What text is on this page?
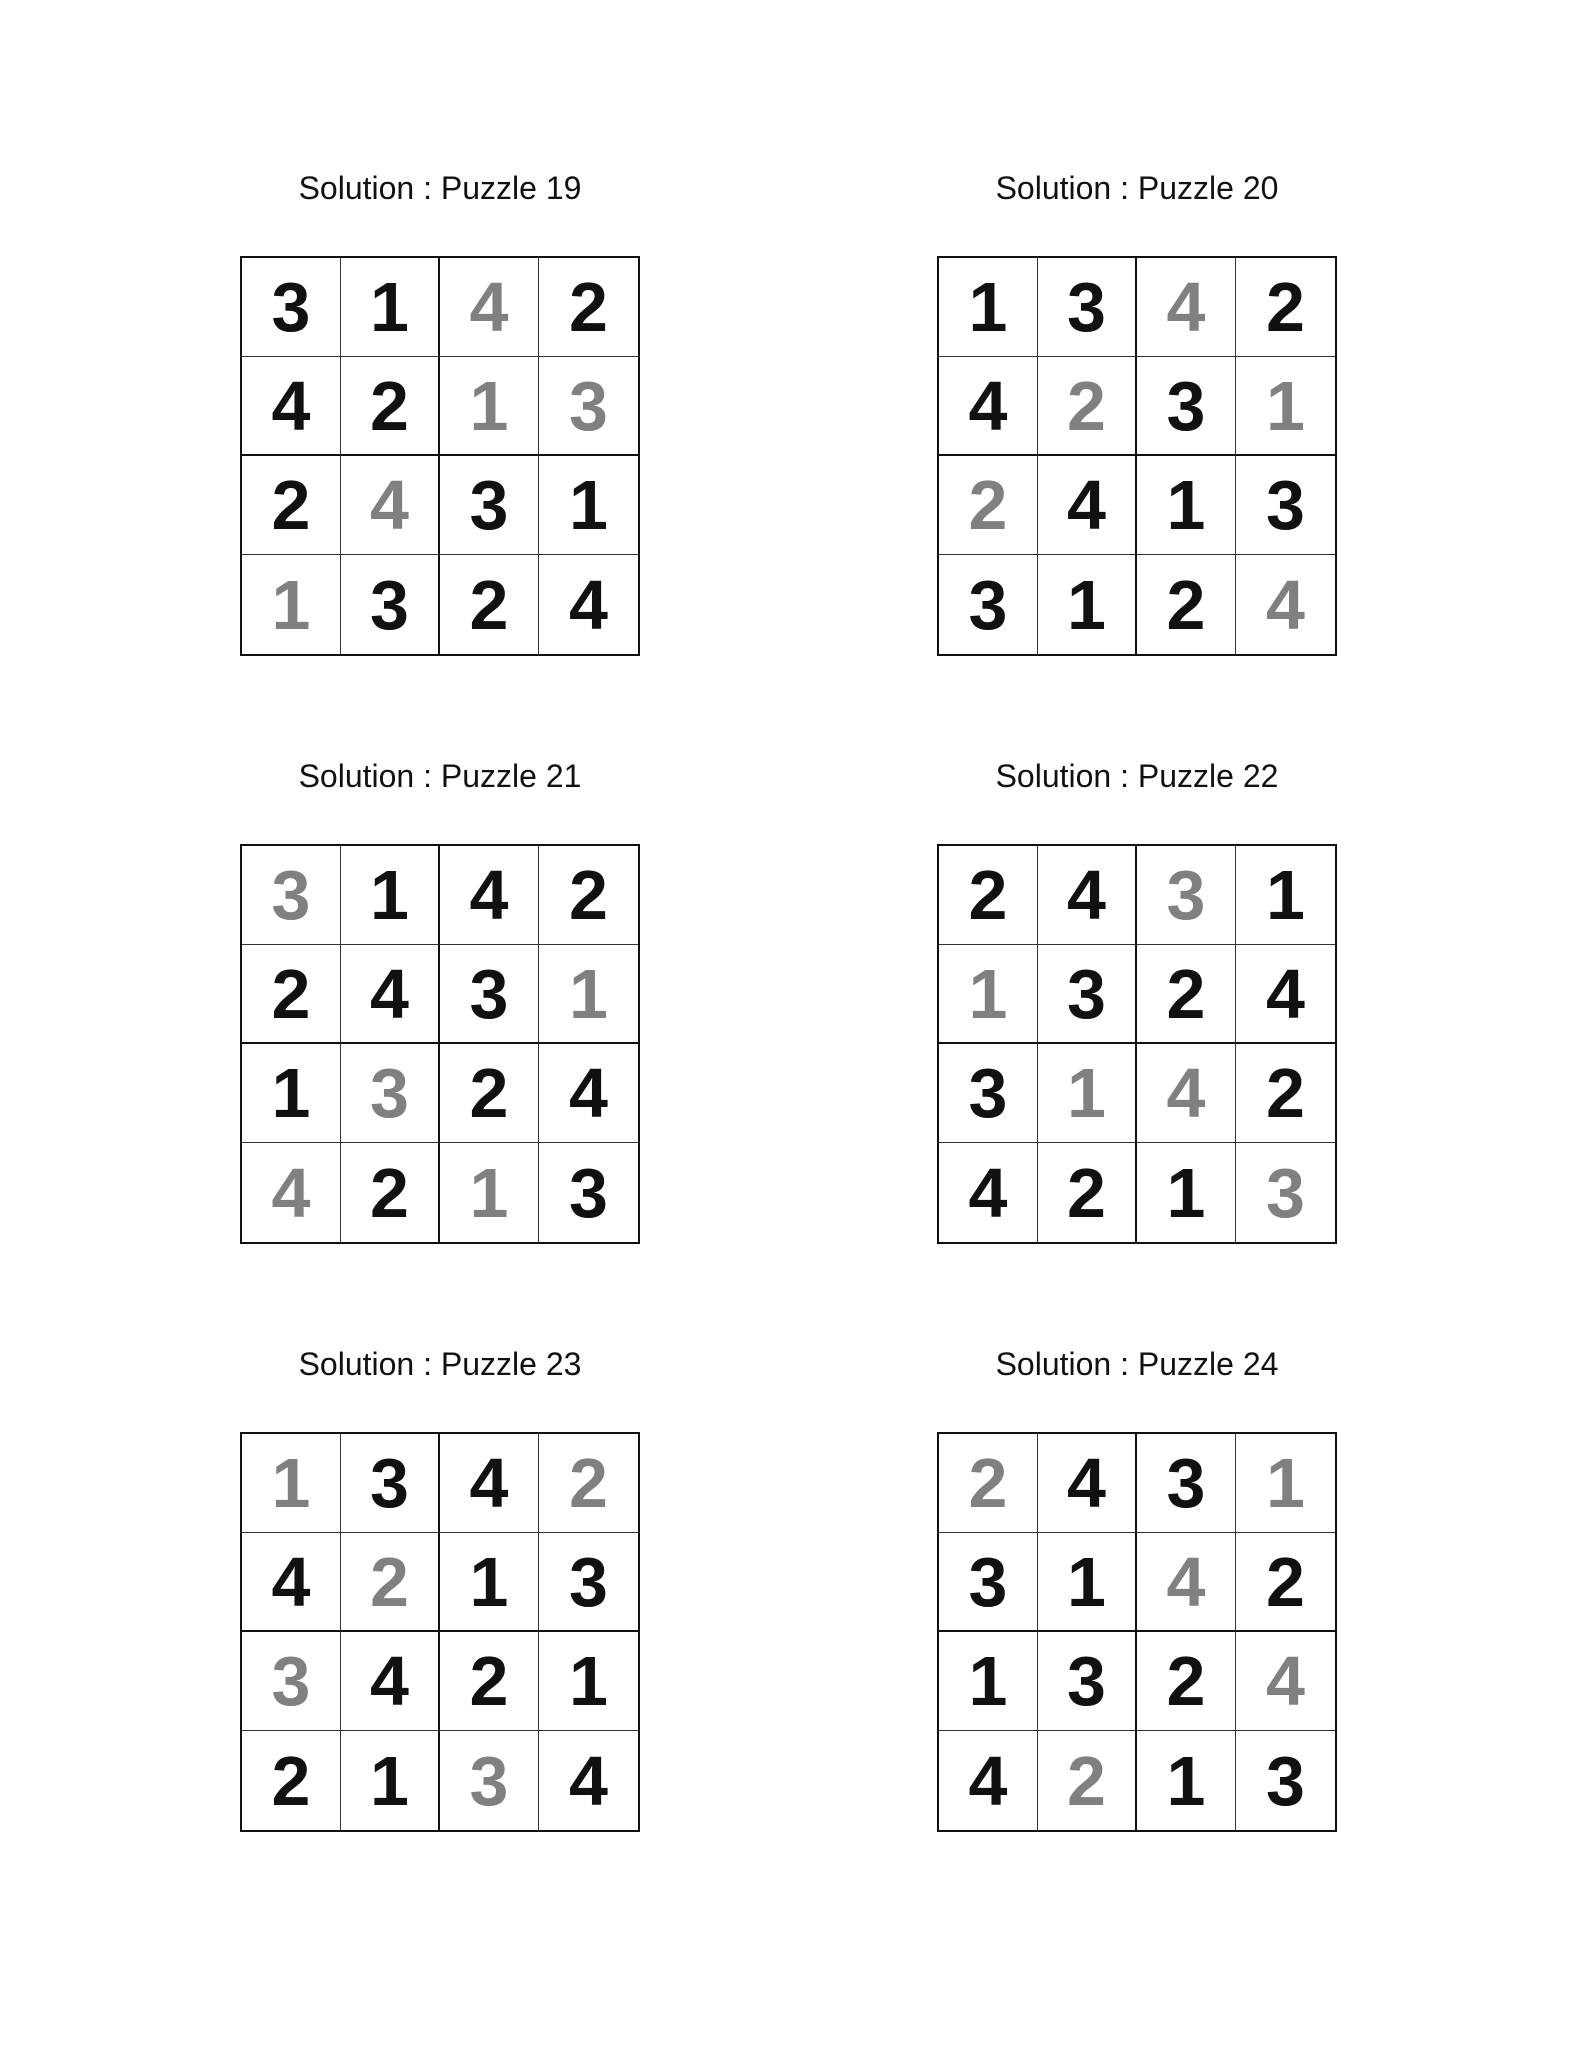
Solution : Puzzle 19
3 1 4 2
4 2 1 3
2 4 3 1
1 3 2 4
Solution : Puzzle 20
1 3 4 2
4 2 3 1
2 4 1 3
3 1 2 4
Solution : Puzzle 21
3 1 4 2
2 4 3 1
1 3 2 4
4 2 1 3
Solution : Puzzle 22
2 4 3 1
1 3 2 4
3 1 4 2
4 2 1 3
Solution : Puzzle 23
1 3 4 2
4 2 1 3
3 4 2 1
2 1 3 4
Solution : Puzzle 24
2 4 3 1
3 1 4 2
1 3 2 4
4 2 1 3
